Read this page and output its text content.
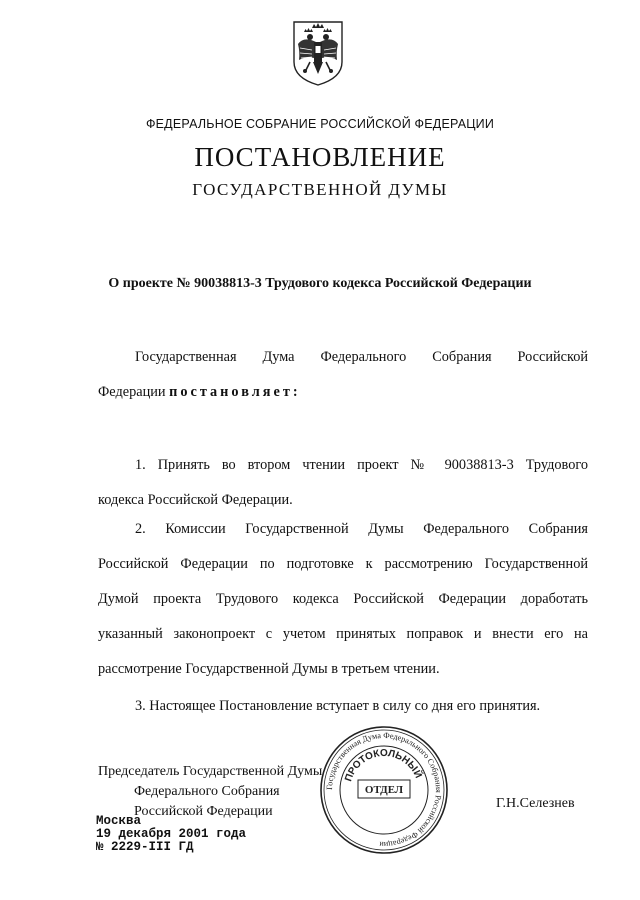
ФЕДЕРАЛЬНОЕ СОБРАНИЕ РОССИЙСКОЙ ФЕДЕРАЦИИ
ПОСТАНОВЛЕНИЕ
ГОСУДАРСТВЕННОЙ ДУМЫ
О проекте № 90038813-3 Трудового кодекса Российской Федерации
Государственная Дума Федерального Собрания Российской
Федерации постановляет:
1. Принять во втором чтении проект № 90038813-3 Трудового
кодекса Российской Федерации.
2. Комиссии Государственной Думы Федерального Собрания
Российской Федерации по подготовке к рассмотрению Государственной
Думой проекта Трудового кодекса Российской Федерации доработать
указанный законопроект с учетом принятых поправок и внести его на
рассмотрение Государственной Думы в третьем чтении.
3. Настоящее Постановление вступает в силу со дня его принятия.
Председатель Государственной Думы
Федерального Собрания
Российской Федерации
Г.Н.Селезнев
Москва
19 декабря 2001 года
№ 2229-III ГД
Государственная Дума Федерального Собрания Российской Федерации
ПРОТОКОЛЬНЫЙ
ОТДЕЛ
